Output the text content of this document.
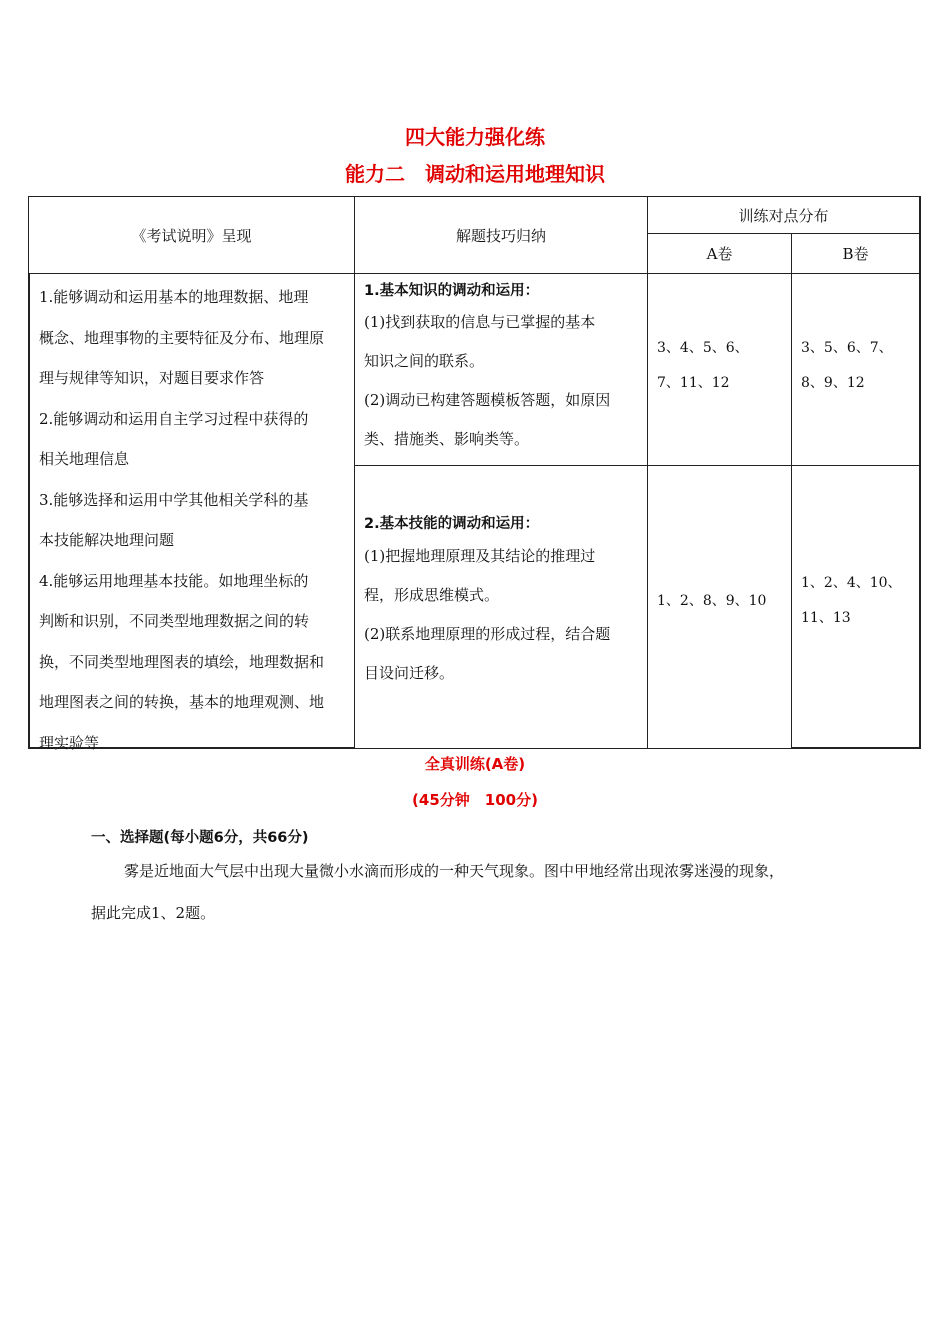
四大能力强化练
能力二　调动和运用地理知识
《考试说明》呈现	解题技巧归纳
训练对点分布
A卷	B卷
1.能够调动和运用基本的地理数据、地理
概念、地理事物的主要特征及分布、地理原
理与规律等知识，对题目要求作答
2.能够调动和运用自主学习过程中获得的
相关地理信息
3.能够选择和运用中学其他相关学科的基
本技能解决地理问题
4.能够运用地理基本技能。如地理坐标的
判断和识别，不同类型地理数据之间的转
换，不同类型地理图表的填绘，地理数据和
地理图表之间的转换，基本的地理观测、地
理实验等
1.基本知识的调动和运用：
(1)找到获取的信息与已掌握的基本
知识之间的联系。
(2)调动已构建答题模板答题，如原因
类、措施类、影响类等。
3、4、5、6、
7、11、12
3、5、6、7、
8、9、12
2.基本技能的调动和运用：
(1)把握地理原理及其结论的推理过
程，形成思维模式。
(2)联系地理原理的形成过程，结合题
目设问迁移。
1、2、8、9、10
1、2、4、10、
11、13
全真训练(A卷)
(45分钟　100分)
一、选择题(每小题6分，共66分)
雾是近地面大气层中出现大量微小水滴而形成的一种天气现象。图中甲地经常出现浓雾迷漫的现象，
据此完成1、2题。
